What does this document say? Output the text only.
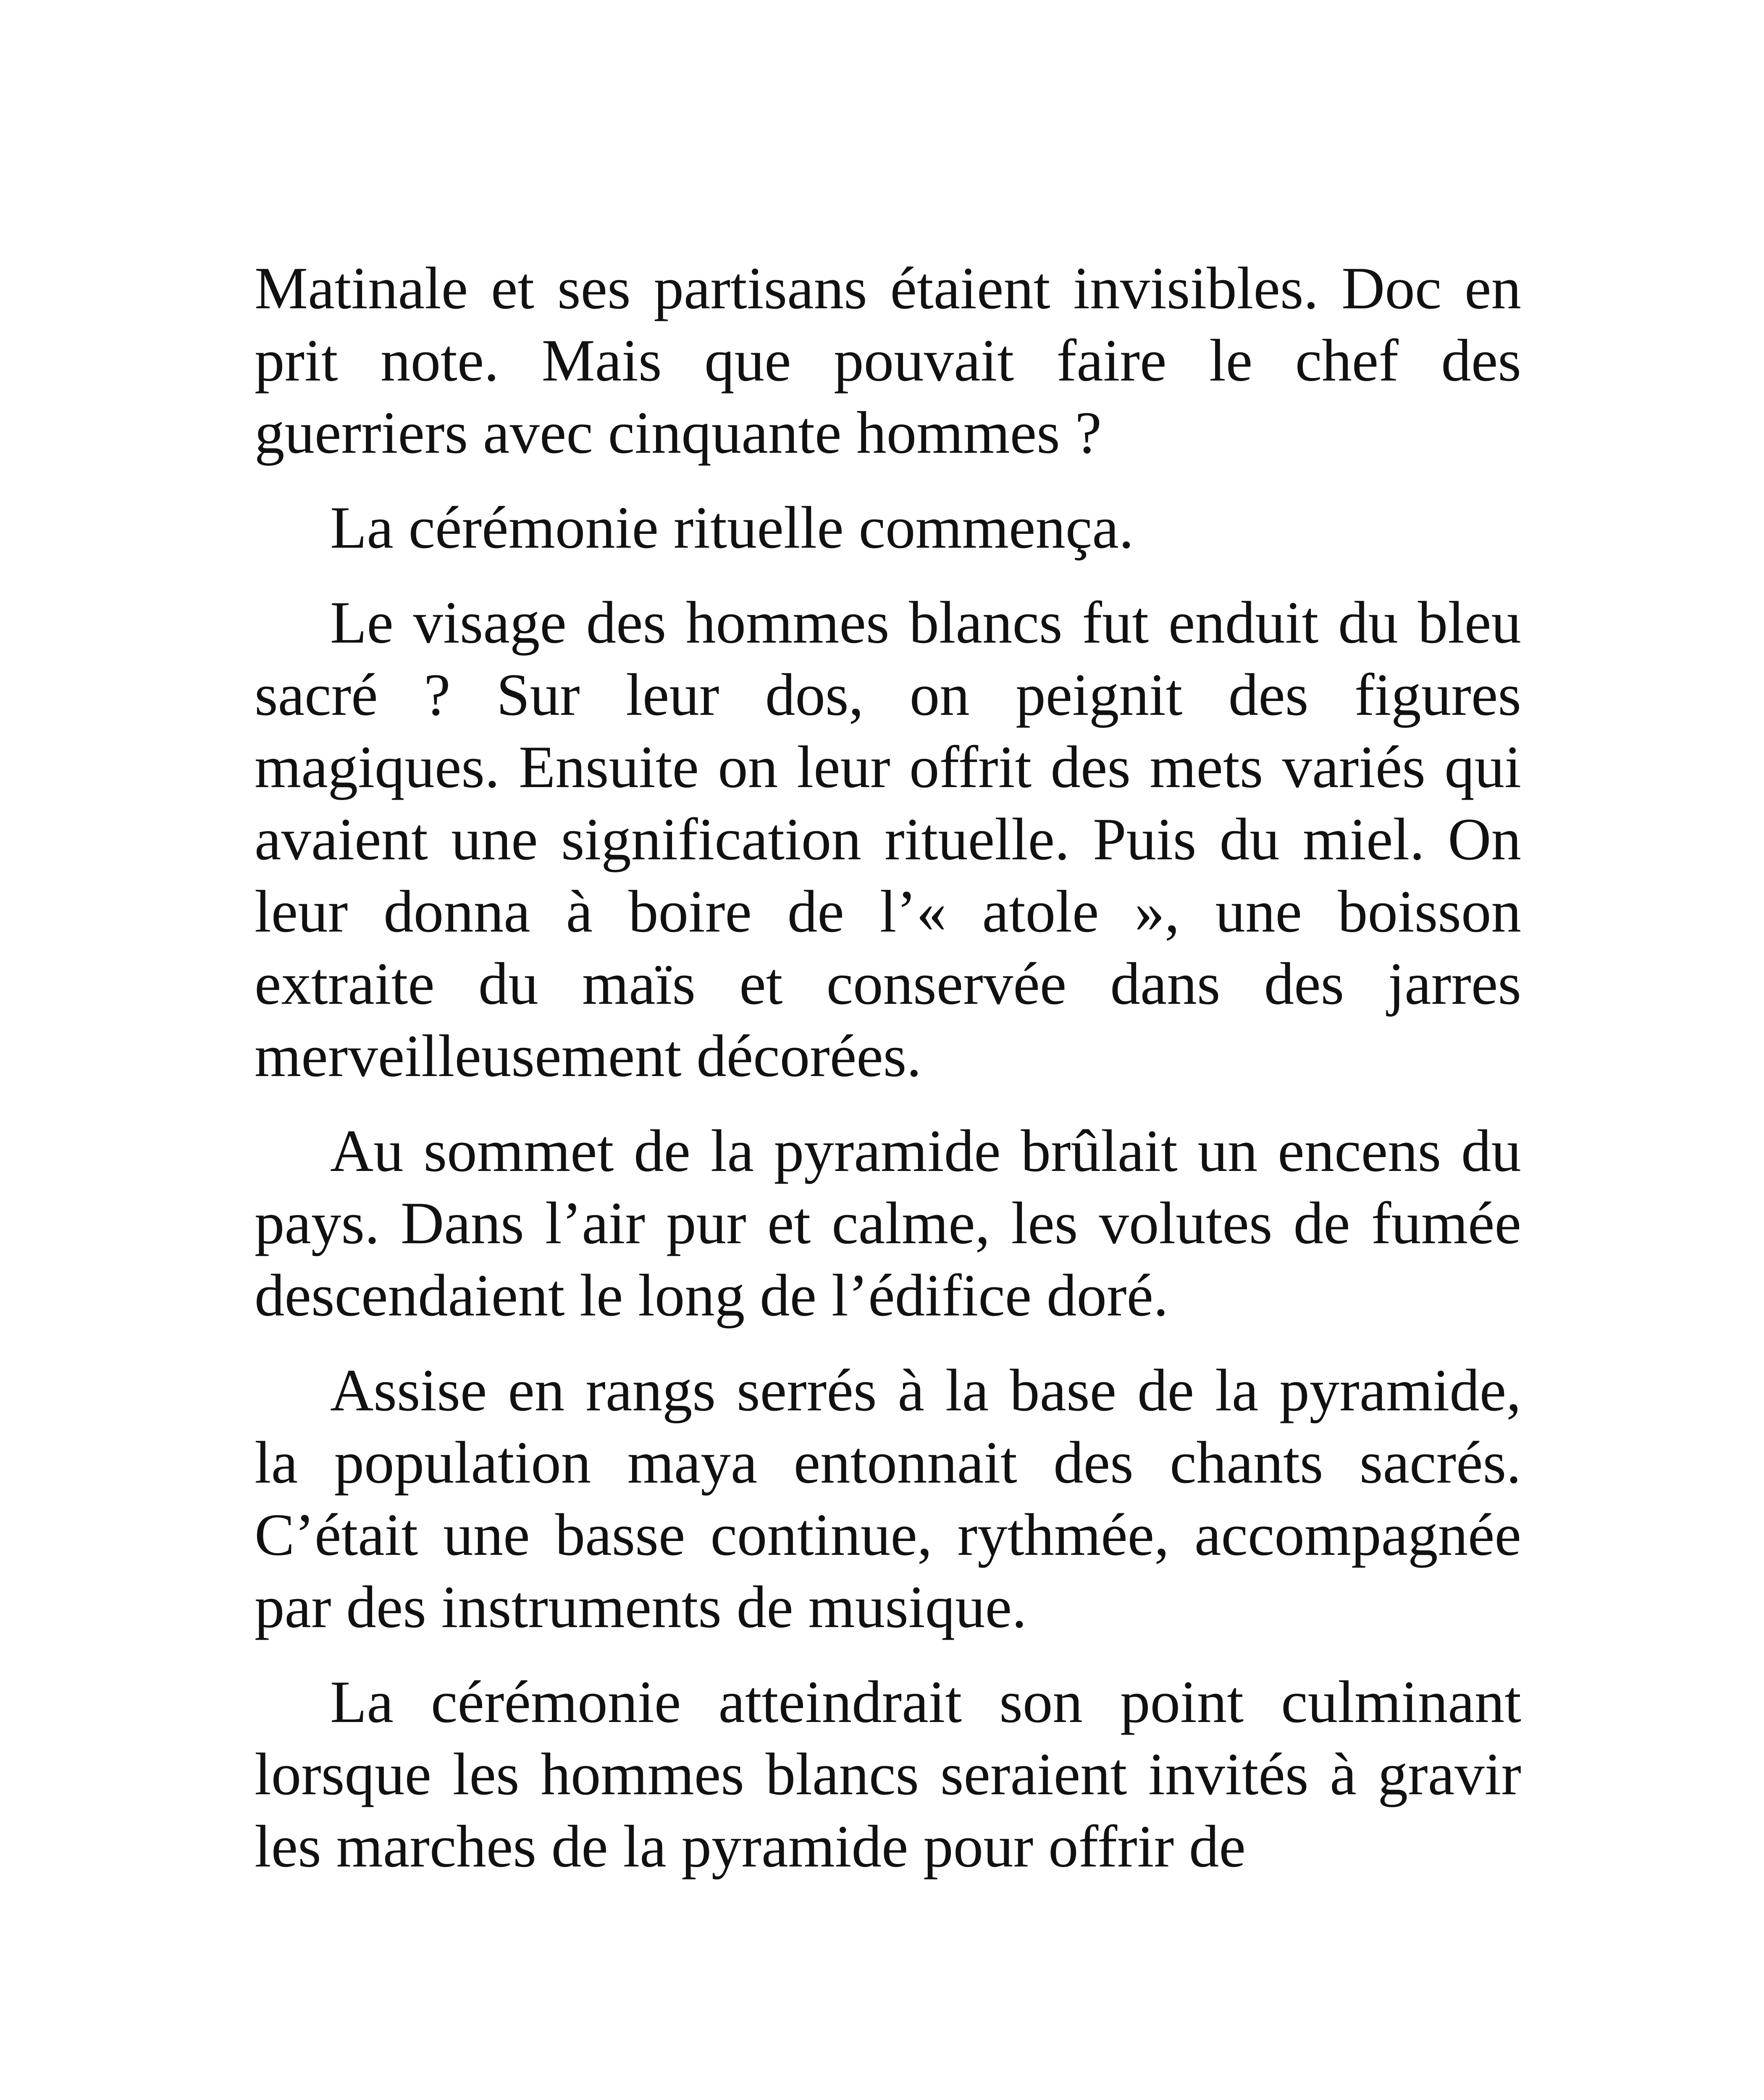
Matinale et ses partisans étaient invisibles. Doc en prit note. Mais que pouvait faire le chef des guerriers avec cinquante hommes ?

La cérémonie rituelle commença.

Le visage des hommes blancs fut enduit du bleu sacré ? Sur leur dos, on peignit des figures magiques. Ensuite on leur offrit des mets variés qui avaient une signification rituelle. Puis du miel. On leur donna à boire de l’« atole », une boisson extraite du maïs et conservée dans des jarres merveilleusement décorées.

Au sommet de la pyramide brûlait un encens du pays. Dans l’air pur et calme, les volutes de fumée descendaient le long de l’édifice doré.

Assise en rangs serrés à la base de la pyramide, la population maya entonnait des chants sacrés. C’était une basse continue, rythmée, accompagnée par des instruments de musique.

La cérémonie atteindrait son point culminant lorsque les hommes blancs seraient invités à gravir les marches de la pyramide pour offrir de
